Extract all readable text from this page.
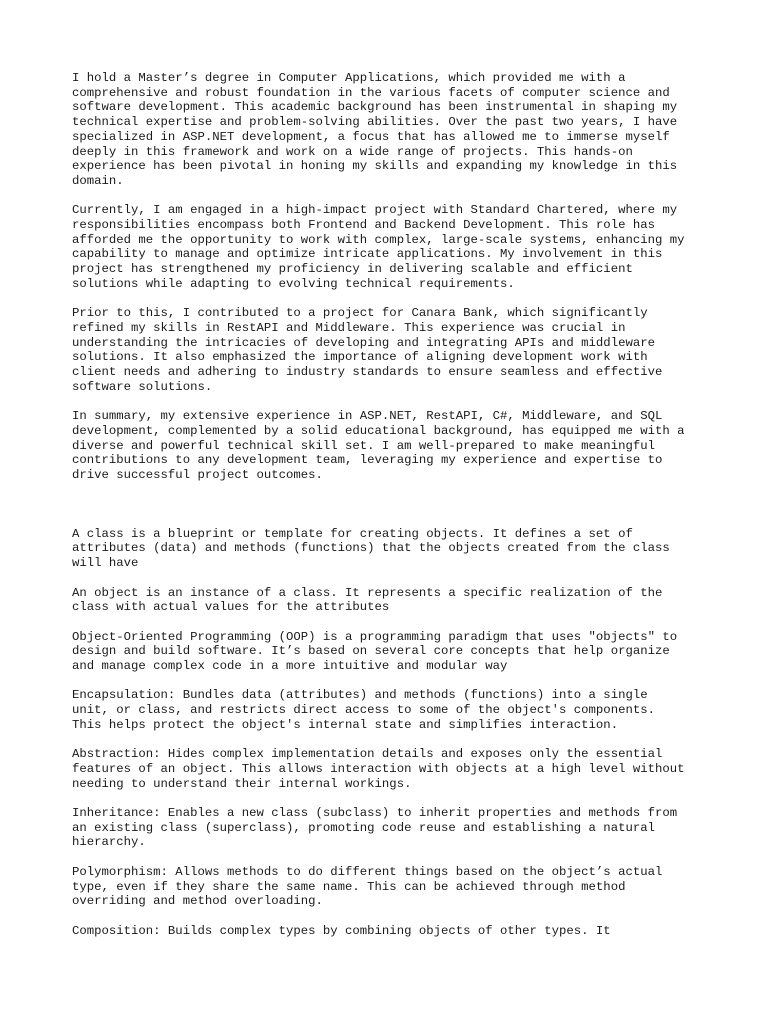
I hold a Master’s degree in Computer Applications, which provided me with a
comprehensive and robust foundation in the various facets of computer science and
software development. This academic background has been instrumental in shaping my
technical expertise and problem-solving abilities. Over the past two years, I have
specialized in ASP.NET development, a focus that has allowed me to immerse myself
deeply in this framework and work on a wide range of projects. This hands-on
experience has been pivotal in honing my skills and expanding my knowledge in this
domain.

Currently, I am engaged in a high-impact project with Standard Chartered, where my
responsibilities encompass both Frontend and Backend Development. This role has
afforded me the opportunity to work with complex, large-scale systems, enhancing my
capability to manage and optimize intricate applications. My involvement in this
project has strengthened my proficiency in delivering scalable and efficient
solutions while adapting to evolving technical requirements.

Prior to this, I contributed to a project for Canara Bank, which significantly
refined my skills in RestAPI and Middleware. This experience was crucial in
understanding the intricacies of developing and integrating APIs and middleware
solutions. It also emphasized the importance of aligning development work with
client needs and adhering to industry standards to ensure seamless and effective
software solutions.

In summary, my extensive experience in ASP.NET, RestAPI, C#, Middleware, and SQL
development, complemented by a solid educational background, has equipped me with a
diverse and powerful technical skill set. I am well-prepared to make meaningful
contributions to any development team, leveraging my experience and expertise to
drive successful project outcomes.

A class is a blueprint or template for creating objects. It defines a set of
attributes (data) and methods (functions) that the objects created from the class
will have

An object is an instance of a class. It represents a specific realization of the
class with actual values for the attributes

Object-Oriented Programming (OOP) is a programming paradigm that uses "objects" to
design and build software. It’s based on several core concepts that help organize
and manage complex code in a more intuitive and modular way

Encapsulation: Bundles data (attributes) and methods (functions) into a single
unit, or class, and restricts direct access to some of the object's components.
This helps protect the object's internal state and simplifies interaction.

Abstraction: Hides complex implementation details and exposes only the essential
features of an object. This allows interaction with objects at a high level without
needing to understand their internal workings.

Inheritance: Enables a new class (subclass) to inherit properties and methods from
an existing class (superclass), promoting code reuse and establishing a natural
hierarchy.

Polymorphism: Allows methods to do different things based on the object’s actual
type, even if they share the same name. This can be achieved through method
overriding and method overloading.

Composition: Builds complex types by combining objects of other types. It
